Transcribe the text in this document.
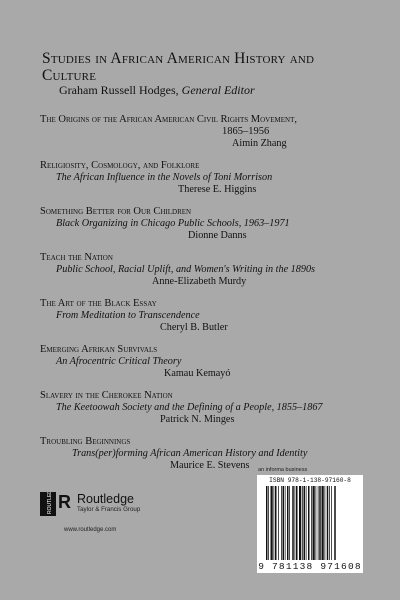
Studies in African American History and Culture
Graham Russell Hodges, General Editor
The Origins of the African American Civil Rights Movement,
1865–1956
Aimin Zhang
Religiosity, Cosmology, and Folklore
The African Influence in the Novels of Toni Morrison
Therese E. Higgins
Something Better for Our Children
Black Organizing in Chicago Public Schools, 1963–1971
Dionne Danns
Teach the Nation
Public School, Racial Uplift, and Women's Writing in the 1890s
Anne-Elizabeth Murdy
The Art of the Black Essay
From Meditation to Transcendence
Cheryl B. Butler
Emerging Afrikan Survivals
An Afrocentric Critical Theory
Kamau Kemayó
Slavery in the Cherokee Nation
The Keetoowah Society and the Defining of a People, 1855–1867
Patrick N. Minges
Troubling Beginnings
Trans(per)forming African American History and Identity
Maurice E. Stevens	an informa business
ROUTLEDGE R Routledge
Taylor & Francis Group
www.routledge.com
ISBN 978-1-138-97160-8
9 781138 971608
